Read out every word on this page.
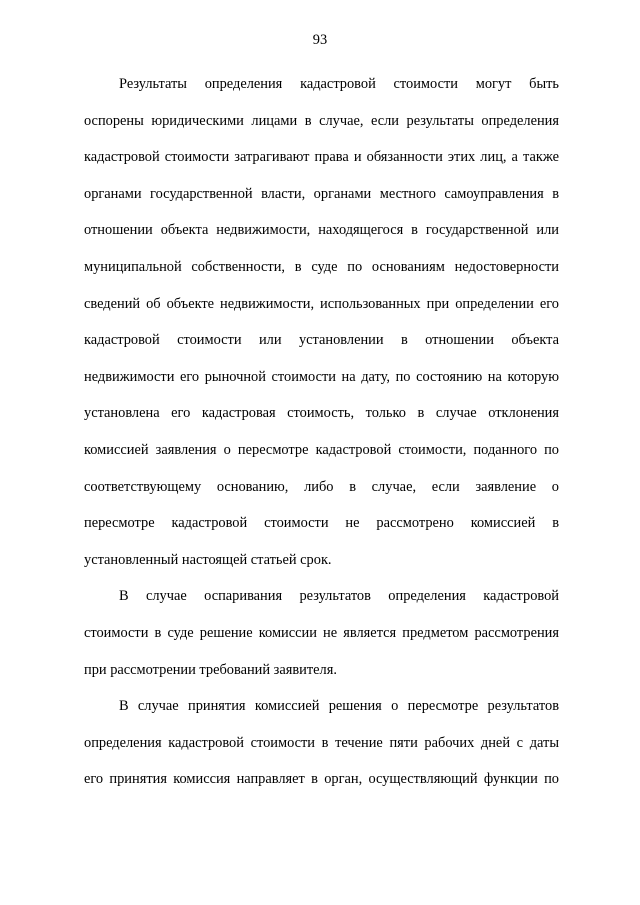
93
Результаты определения кадастровой стоимости могут быть
оспорены юридическими лицами в случае, если результаты определения
кадастровой стоимости затрагивают права и обязанности этих лиц, а также
органами государственной власти, органами местного самоуправления в
отношении объекта недвижимости, находящегося в государственной или
муниципальной собственности, в суде по основаниям недостоверности
сведений об объекте недвижимости, использованных при определении его
кадастровой стоимости или установлении в отношении объекта
недвижимости его рыночной стоимости на дату, по состоянию на которую
установлена его кадастровая стоимость, только в случае отклонения
комиссией заявления о пересмотре кадастровой стоимости, поданного по
соответствующему основанию, либо в случае, если заявление о
пересмотре кадастровой стоимости не рассмотрено комиссией в
установленный настоящей статьей срок.
В случае оспаривания результатов определения кадастровой
стоимости в суде решение комиссии не является предметом рассмотрения
при рассмотрении требований заявителя.
В случае принятия комиссией решения о пересмотре результатов
определения кадастровой стоимости в течение пяти рабочих дней с даты
его принятия комиссия направляет в орган, осуществляющий функции по
